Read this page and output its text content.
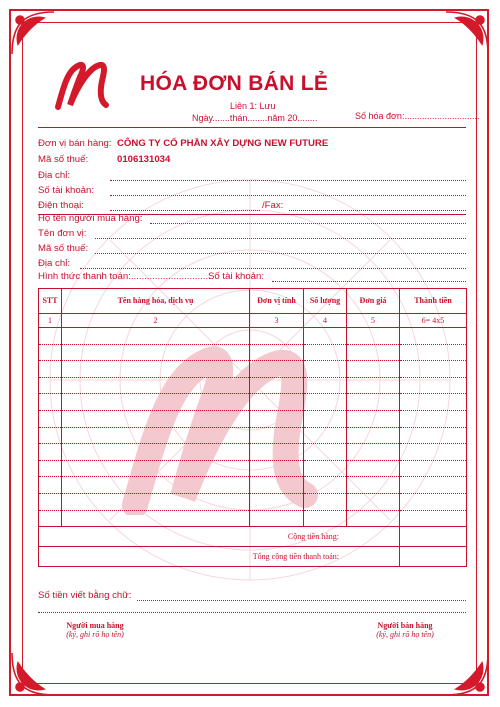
HÓA ĐƠN BÁN LẺ
Liên 1: Lưu
Ngày.......thán........năm 20........	Số hóa đơn:..............................
Đơn vị bán hàng: CÔNG TY CỔ PHẦN XÂY DỰNG NEW FUTURE
Mã số thuế:	0106131034
Địa chỉ:
Số tài khoản:
Điện thoại:	/Fax:
Họ tên người mua hàng:
Tên đơn vị:
Mã số thuế:
Địa chỉ:
Hình thức thanh toán:..............................
Số tài khoản:
STT	Tên hàng hóa, dịch vụ	Đơn vị tính	Số lượng	Đơn giá	Thành tiền
1	2	3	4	5	6= 4x5

Cộng tiền hàng:					
Tổng cộng tiền thanh toán:					
Số tiền viết bằng chữ:
Người mua hàng
(ký, ghi rõ họ tên)
Người bán hàng
(ký, ghi rõ họ tên)
